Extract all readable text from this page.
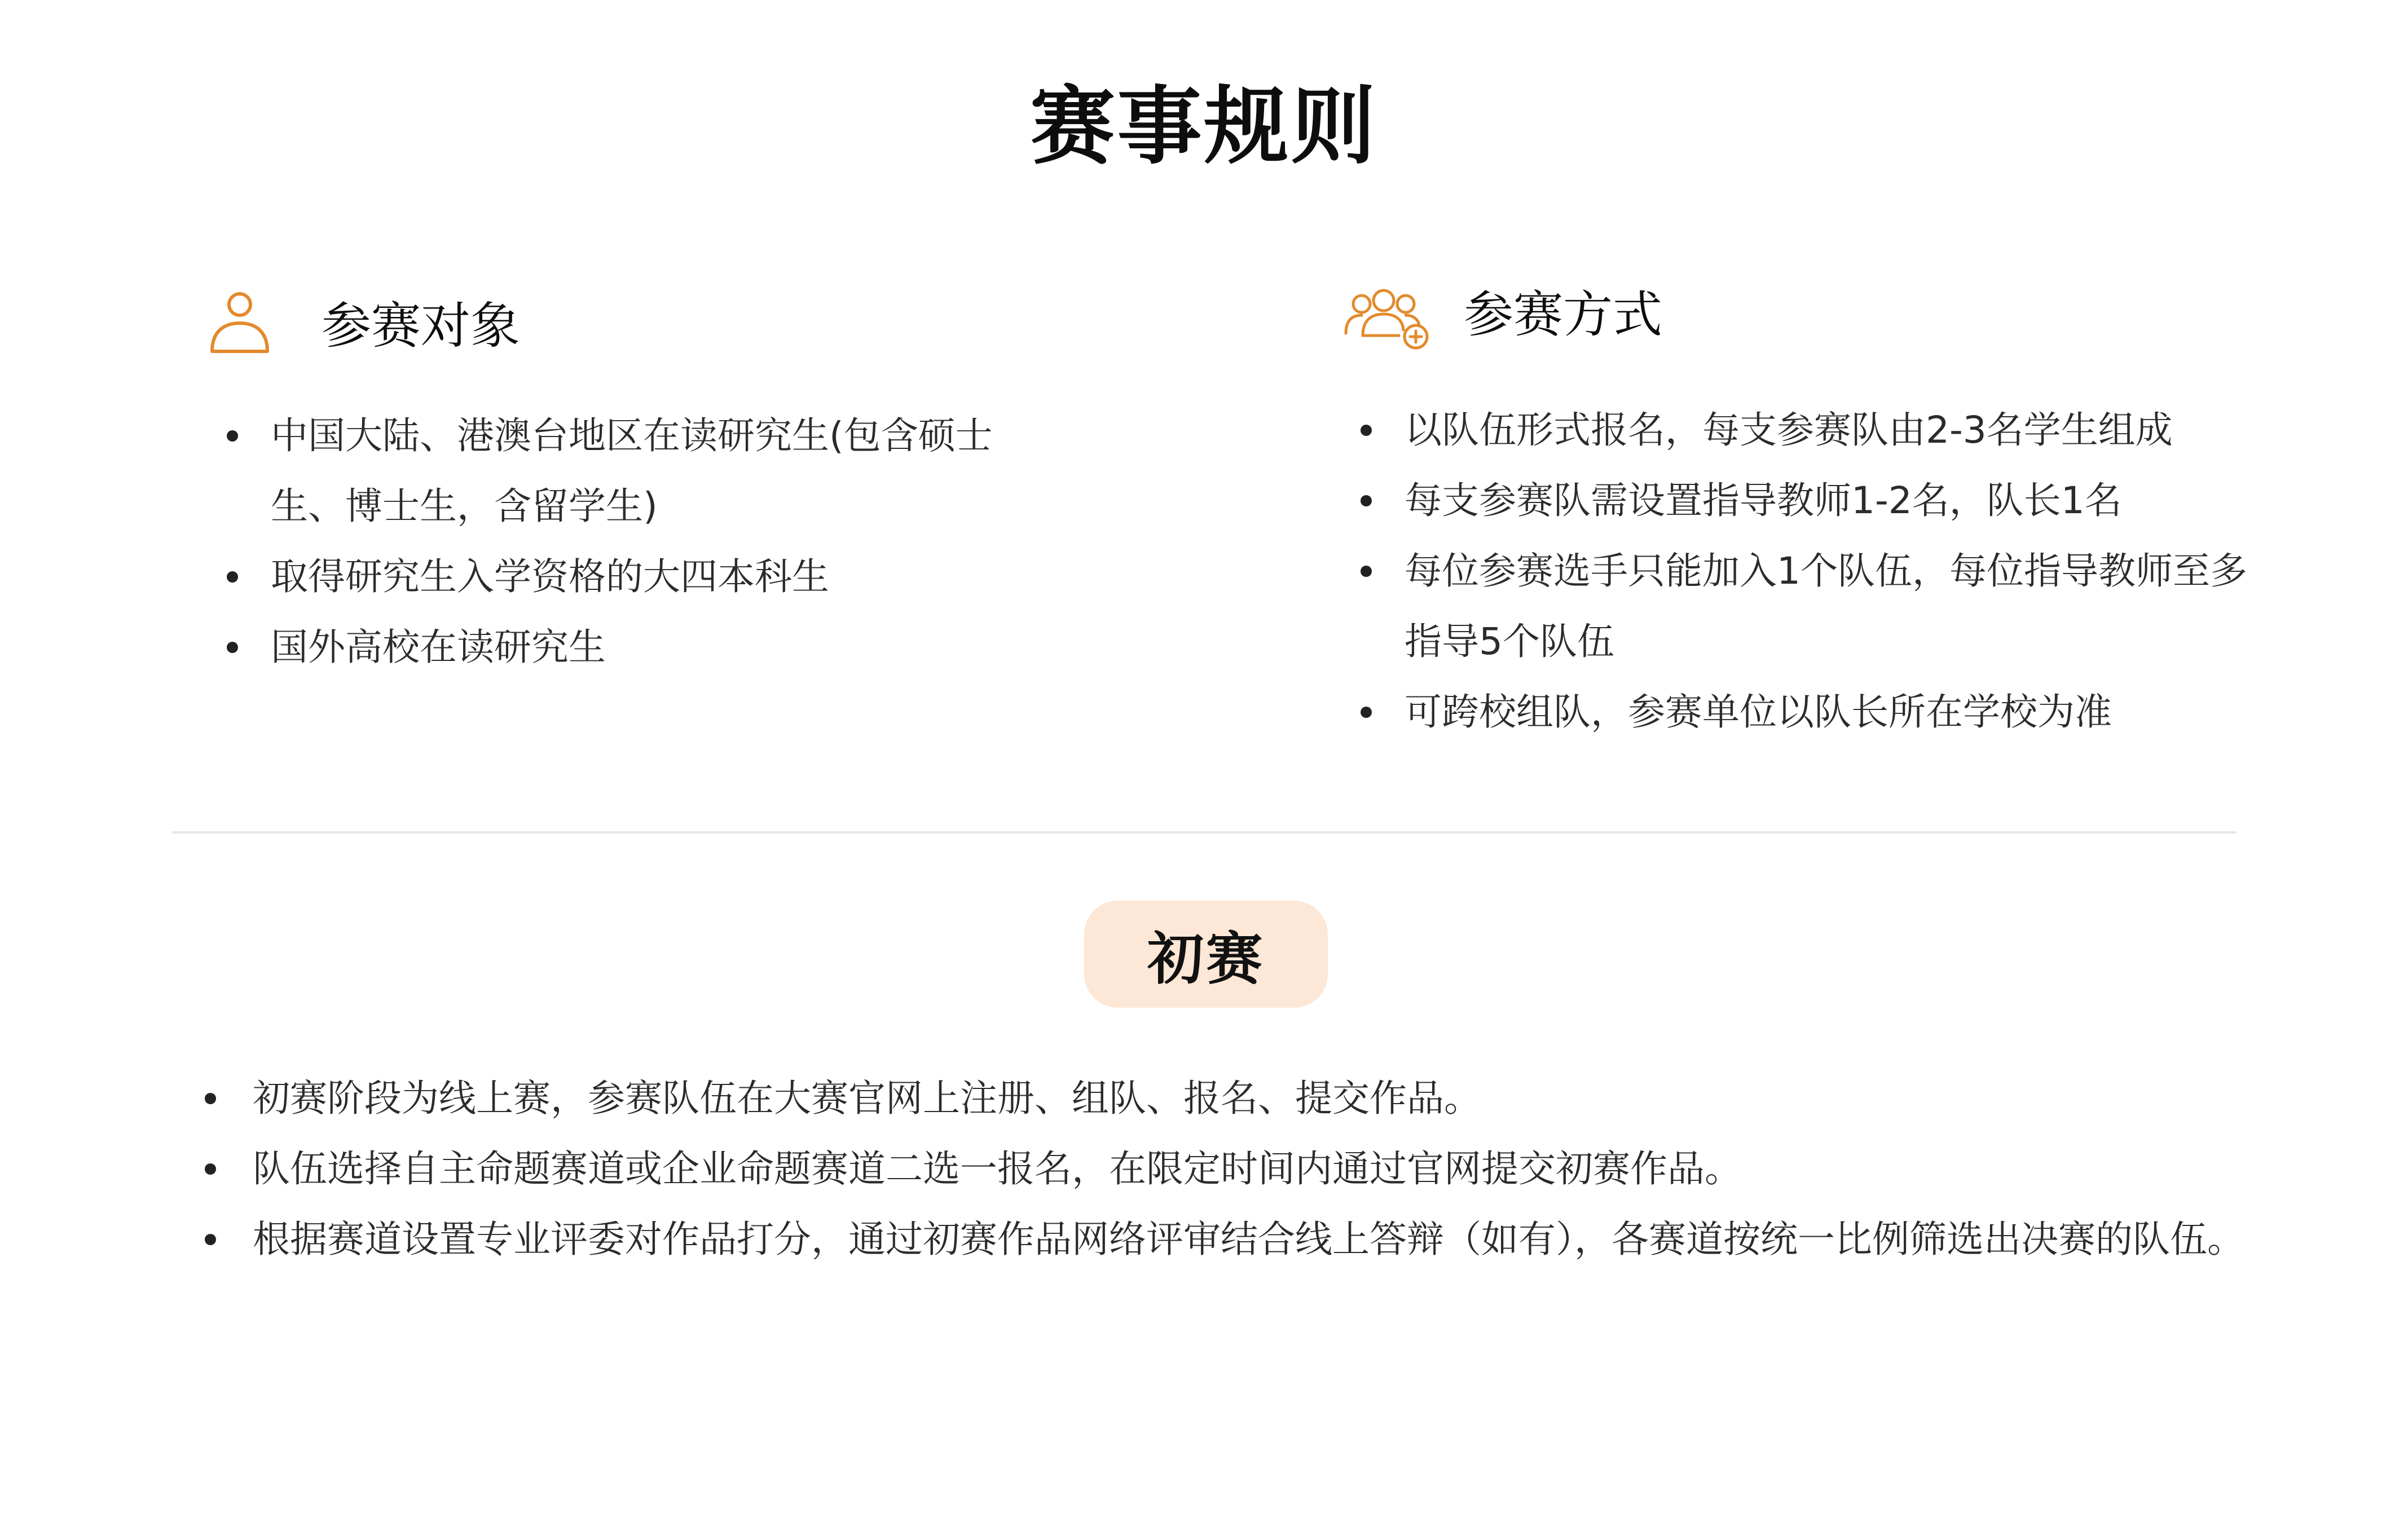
赛事规则
参赛对象
中国大陆、港澳台地区在读研究生(包含硕士生、博士生，含留学生)
取得研究生入学资格的大四本科生
国外高校在读研究生
参赛方式
以队伍形式报名，每支参赛队由2-3名学生组成
每支参赛队需设置指导教师1-2名，队长1名
每位参赛选手只能加入1个队伍，每位指导教师至多指导5个队伍
可跨校组队，参赛单位以队长所在学校为准
初赛
初赛阶段为线上赛，参赛队伍在大赛官网上注册、组队、报名、提交作品。
队伍选择自主命题赛道或企业命题赛道二选一报名，在限定时间内通过官网提交初赛作品。
根据赛道设置专业评委对作品打分，通过初赛作品网络评审结合线上答辩（如有），各赛道按统一比例筛选出决赛的队伍。
